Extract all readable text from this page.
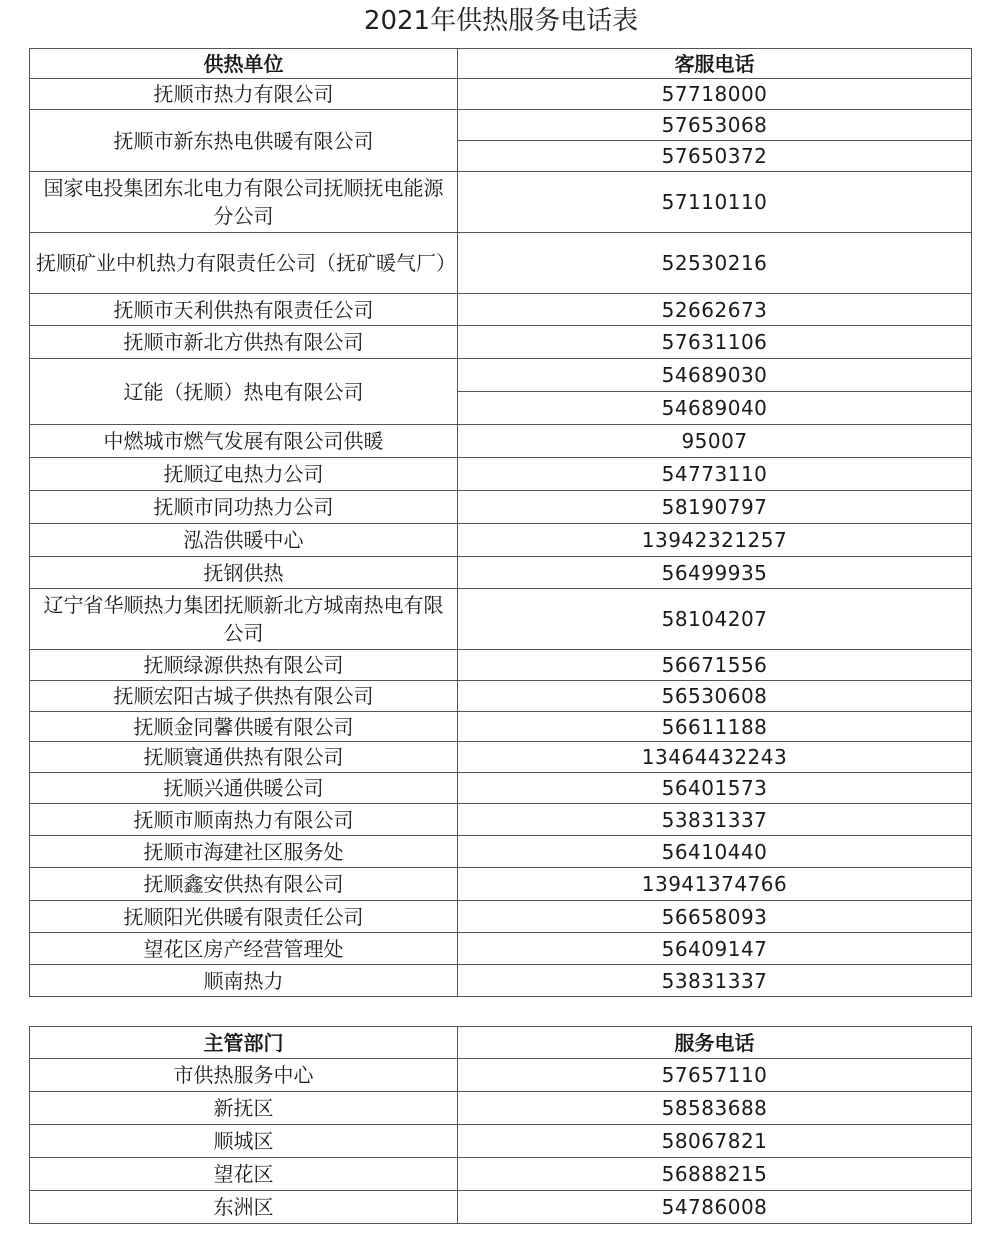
2021年供热服务电话表
供热单位	客服电话
抚顺市热力有限公司	57718000
抚顺市新东热电供暖有限公司	57653068
	57650372
国家电投集团东北电力有限公司抚顺抚电能源分公司	57110110
抚顺矿业中机热力有限责任公司（抚矿暖气厂）	52530216
抚顺市天利供热有限责任公司	52662673
抚顺市新北方供热有限公司	57631106
辽能（抚顺）热电有限公司	54689030
	54689040
中燃城市燃气发展有限公司供暖	95007
抚顺辽电热力公司	54773110
抚顺市同功热力公司	58190797
泓浩供暖中心	13942321257
抚钢供热	56499935
辽宁省华顺热力集团抚顺新北方城南热电有限公司	58104207
抚顺绿源供热有限公司	56671556
抚顺宏阳古城子供热有限公司	56530608
抚顺金同馨供暖有限公司	56611188
抚顺寰通供热有限公司	13464432243
抚顺兴通供暖公司	56401573
抚顺市顺南热力有限公司	53831337
抚顺市海建社区服务处	56410440
抚顺鑫安供热有限公司	13941374766
抚顺阳光供暖有限责任公司	56658093
望花区房产经营管理处	56409147
顺南热力	53831337
主管部门	服务电话
市供热服务中心	57657110
新抚区	58583688
顺城区	58067821
望花区	56888215
东洲区	54786008
